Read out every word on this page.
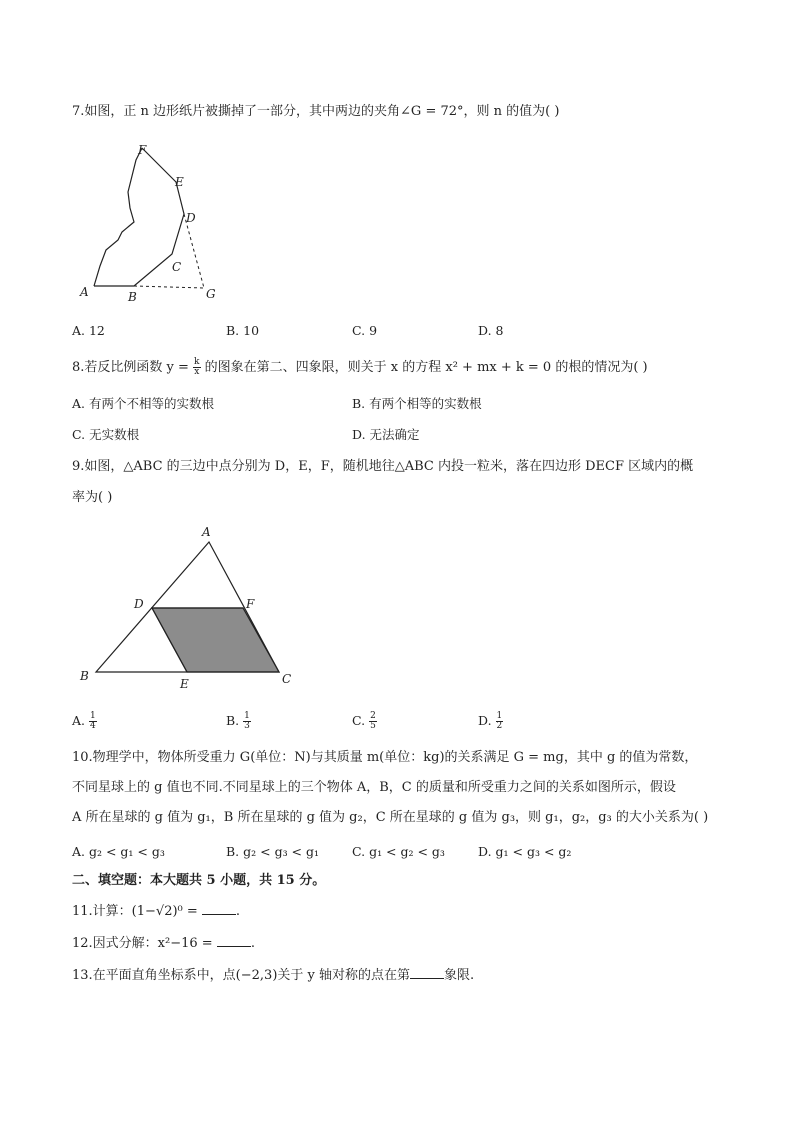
7.如图，正 n 边形纸片被撕掉了一部分，其中两边的夹角∠G = 72°，则 n 的值为( )
F
E
D
C
A	B	G
A. 12	B. 10	C. 9	D. 8
8.若反比例函数 $y = \frac{k}{x}$ 的图象在第二、四象限，则关于 x 的方程 x² + mx + k = 0 的根的情况为( )
A. 有两个不相等的实数根	B. 有两个相等的实数根
C. 无实数根	D. 无法确定
9.如图，△ABC 的三边中点分别为 D，E，F，随机地往△ABC 内投一粒米，落在四边形 DECF 区域内的概
率为( )
A
D	F
B
E	C
A. $\frac{1}{4}$	B. $\frac{1}{3}$	C. $\frac{2}{5}$	D. $\frac{1}{2}$
10.物理学中，物体所受重力 G(单位：N)与其质量 m(单位：kg)的关系满足 G = mg，其中 g 的值为常数，
不同星球上的 g 值也不同.不同星球上的三个物体 A，B，C 的质量和所受重力之间的关系如图所示，假设
A 所在星球的 g 值为 g₁，B 所在星球的 g 值为 g₂，C 所在星球的 g 值为 g₃，则 g₁，g₂，g₃ 的大小关系为( )
A. g₂ < g₁ < g₃	B. g₂ < g₃ < g₁	C. g₁ < g₂ < g₃	D. g₁ < g₃ < g₂
二、填空题：本大题共 5 小题，共 15 分。
11.计算：(1−√2)⁰ =	.
12.因式分解：x²−16 =	.
13.在平面直角坐标系中，点(−2,3)关于 y 轴对称的点在第	象限.
